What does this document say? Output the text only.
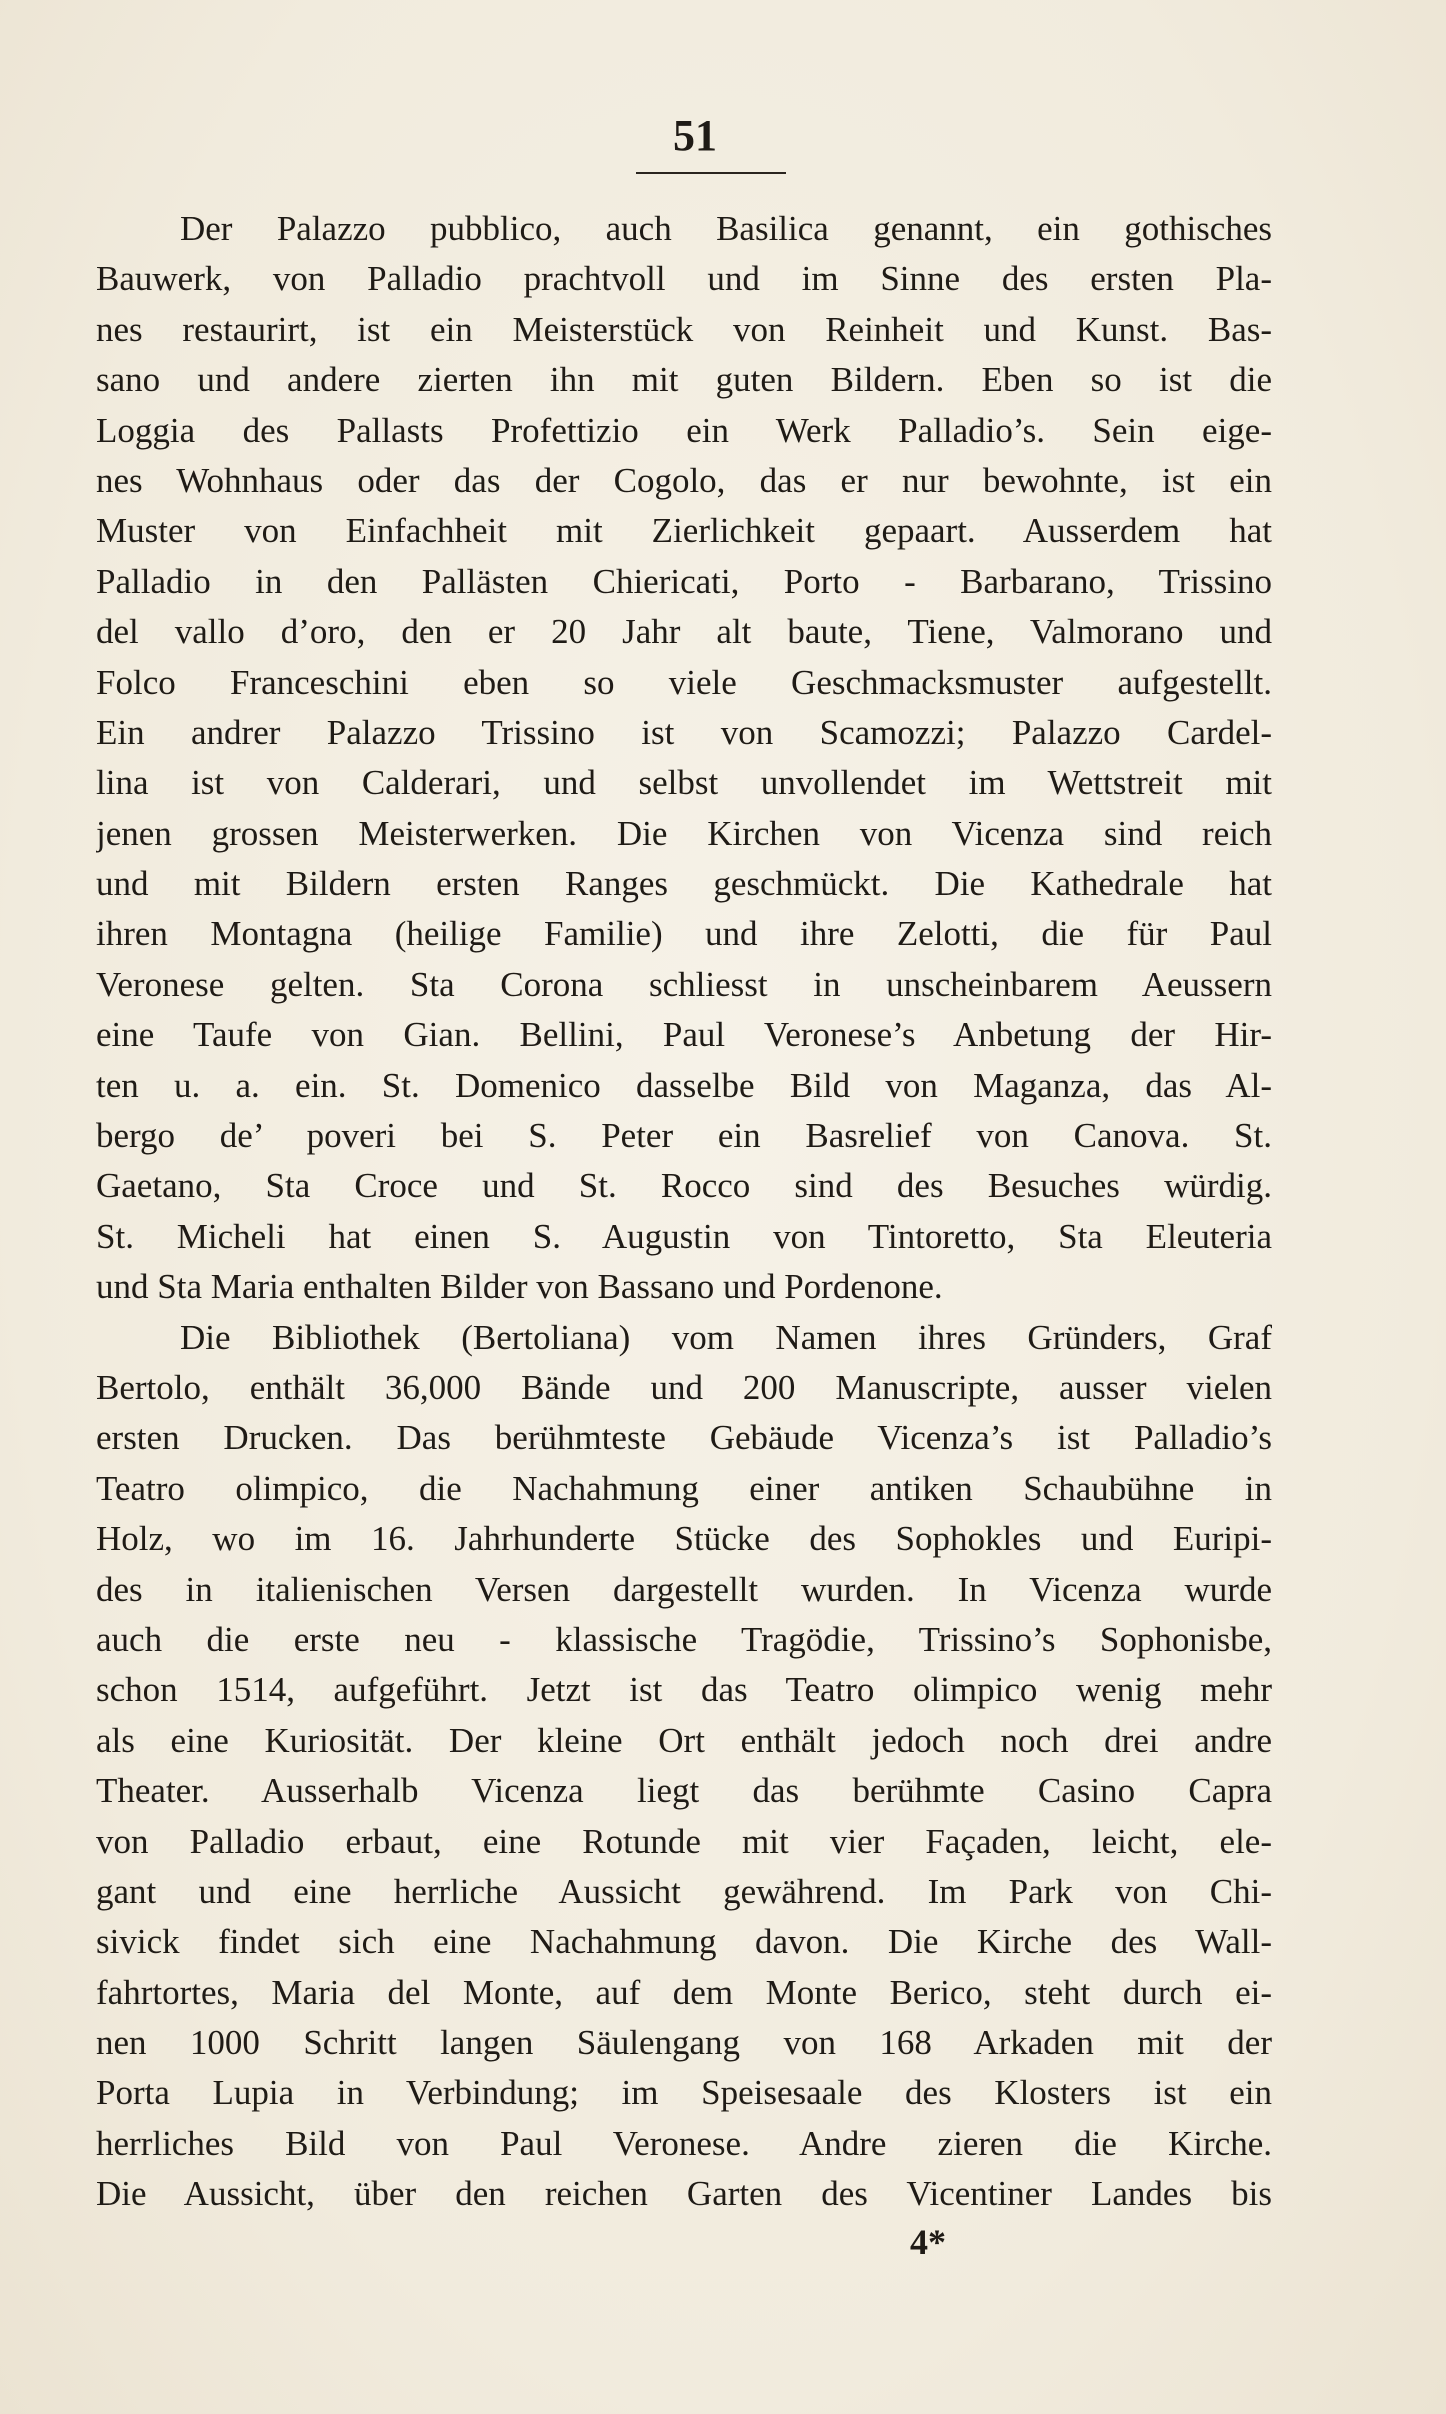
51
Der Palazzo pubblico, auch Basilica genannt, ein gothisches
Bauwerk, von Palladio prachtvoll und im Sinne des ersten Pla-
nes restaurirt, ist ein Meisterstück von Reinheit und Kunst. Bas-
sano und andere zierten ihn mit guten Bildern. Eben so ist die
Loggia des Pallasts Profettizio ein Werk Palladio’s. Sein eige-
nes Wohnhaus oder das der Cogolo, das er nur bewohnte, ist ein
Muster von Einfachheit mit Zierlichkeit gepaart. Ausserdem hat
Palladio in den Pallästen Chiericati, Porto - Barbarano, Trissino
del vallo d’oro, den er 20 Jahr alt baute, Tiene, Valmorano und
Folco Franceschini eben so viele Geschmacksmuster aufgestellt.
Ein andrer Palazzo Trissino ist von Scamozzi; Palazzo Cardel-
lina ist von Calderari, und selbst unvollendet im Wettstreit mit
jenen grossen Meisterwerken. Die Kirchen von Vicenza sind reich
und mit Bildern ersten Ranges geschmückt. Die Kathedrale hat
ihren Montagna (heilige Familie) und ihre Zelotti, die für Paul
Veronese gelten. Sta Corona schliesst in unscheinbarem Aeussern
eine Taufe von Gian. Bellini, Paul Veronese’s Anbetung der Hir-
ten u. a. ein. St. Domenico dasselbe Bild von Maganza, das Al-
bergo de’ poveri bei S. Peter ein Basrelief von Canova. St.
Gaetano, Sta Croce und St. Rocco sind des Besuches würdig.
St. Micheli hat einen S. Augustin von Tintoretto, Sta Eleuteria
und Sta Maria enthalten Bilder von Bassano und Pordenone.
Die Bibliothek (Bertoliana) vom Namen ihres Gründers, Graf
Bertolo, enthält 36,000 Bände und 200 Manuscripte, ausser vielen
ersten Drucken. Das berühmteste Gebäude Vicenza’s ist Palladio’s
Teatro olimpico, die Nachahmung einer antiken Schaubühne in
Holz, wo im 16. Jahrhunderte Stücke des Sophokles und Euripi-
des in italienischen Versen dargestellt wurden. In Vicenza wurde
auch die erste neu - klassische Tragödie, Trissino’s Sophonisbe,
schon 1514, aufgeführt. Jetzt ist das Teatro olimpico wenig mehr
als eine Kuriosität. Der kleine Ort enthält jedoch noch drei andre
Theater. Ausserhalb Vicenza liegt das berühmte Casino Capra
von Palladio erbaut, eine Rotunde mit vier Façaden, leicht, ele-
gant und eine herrliche Aussicht gewährend. Im Park von Chi-
sivick findet sich eine Nachahmung davon. Die Kirche des Wall-
fahrtortes, Maria del Monte, auf dem Monte Berico, steht durch ei-
nen 1000 Schritt langen Säulengang von 168 Arkaden mit der
Porta Lupia in Verbindung; im Speisesaale des Klosters ist ein
herrliches Bild von Paul Veronese. Andre zieren die Kirche.
Die Aussicht, über den reichen Garten des Vicentiner Landes bis
4*
